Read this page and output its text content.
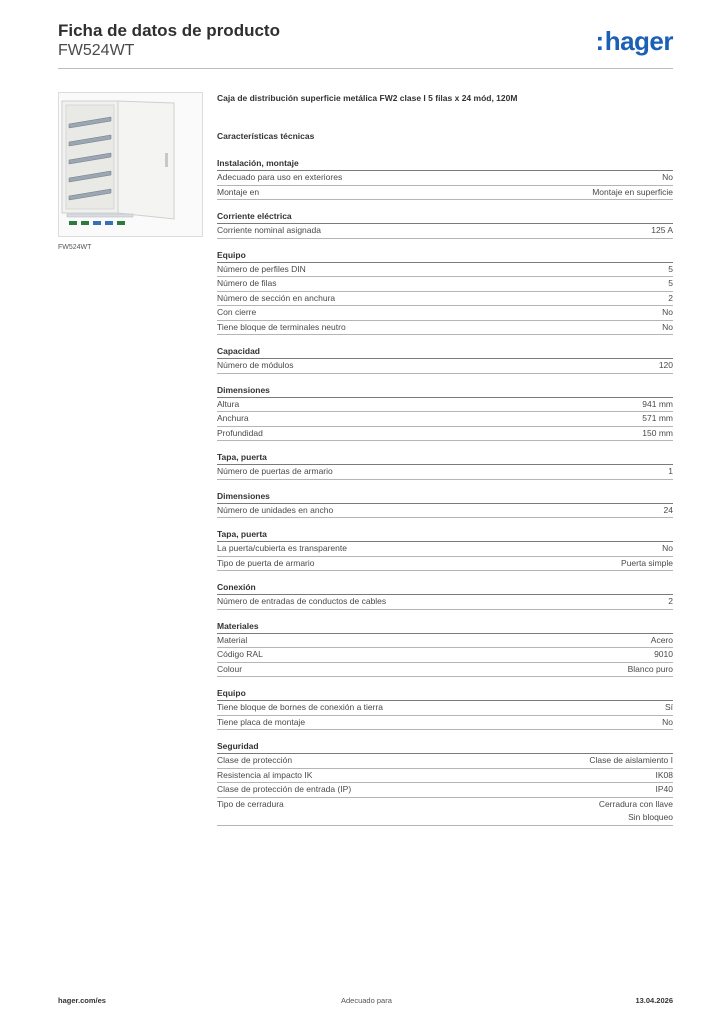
Ficha de datos de producto
FW524WT	:hager
FW524WT
Caja de distribución superficie metálica FW2 clase I 5 filas x 24 mód, 120M
Características técnicas
Instalación, montaje
Adecuado para uso en exteriores	No
Montaje en	Montaje en superficie
Corriente eléctrica
Corriente nominal asignada	125 A
Equipo
Número de perfiles DIN	5
Número de filas	5
Número de sección en anchura	2
Con cierre	No
Tiene bloque de terminales neutro	No
Capacidad
Número de módulos	120
Dimensiones
Altura	941 mm
Anchura	571 mm
Profundidad	150 mm
Tapa, puerta
Número de puertas de armario	1
Dimensiones
Número de unidades en ancho	24
Tapa, puerta
La puerta/cubierta es transparente	No
Tipo de puerta de armario	Puerta simple
Conexión
Número de entradas de conductos de cables	2
Materiales
Material	Acero
Código RAL	9010
Colour	Blanco puro
Equipo
Tiene bloque de bornes de conexión a tierra	Sí
Tiene placa de montaje	No
Seguridad
Clase de protección	Clase de aislamiento I
Resistencia al impacto IK	IK08
Clase de protección de entrada (IP)	IP40
Tipo de cerradura	Cerradura con llave
Sin bloqueo
hager.com/es	Adecuado para	13.04.2026
